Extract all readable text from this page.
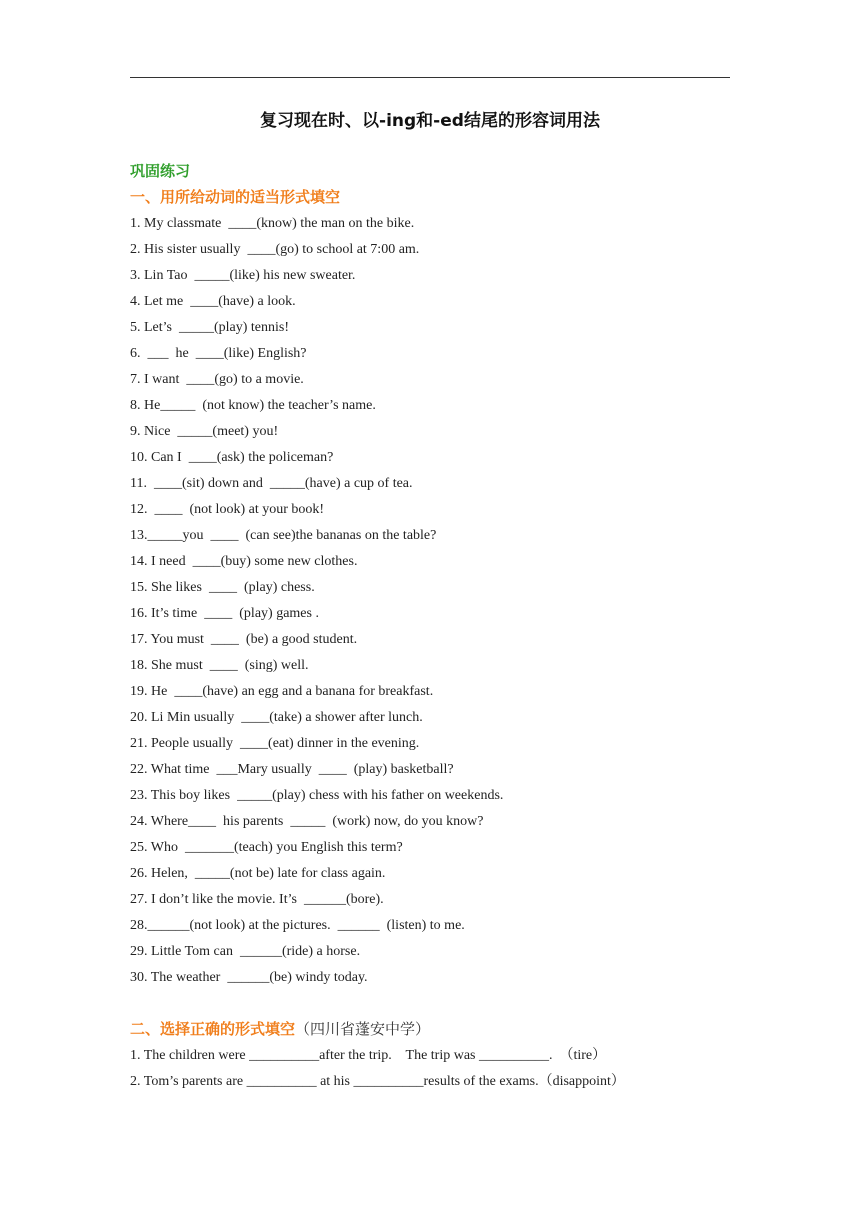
复习现在时、以-ing和-ed结尾的形容词用法
巩固练习
一、用所给动词的适当形式填空
1. My classmate  ____(know) the man on the bike.
2. His sister usually  ____(go) to school at 7:00 am.
3. Lin Tao  _____(like) his new sweater.
4. Let me  ____(have) a look.
5. Let’s  _____(play) tennis!
6.  ___  he  ____(like) English?
7. I want  ____(go) to a movie.
8. He_____  (not know) the teacher’s name.
9. Nice  _____(meet) you!
10. Can I  ____(ask) the policeman?
11.  ____(sit) down and  _____(have) a cup of tea.
12.  ____  (not look) at your book!
13._____you  ____  (can see)the bananas on the table?
14. I need  ____(buy) some new clothes.
15. She likes  ____  (play) chess.
16. It’s time  ____  (play) games .
17. You must  ____  (be) a good student.
18. She must  ____  (sing) well.
19. He  ____(have) an egg and a banana for breakfast.
20. Li Min usually  ____(take) a shower after lunch.
21. People usually  ____(eat) dinner in the evening.
22. What time  ___Mary usually  ____  (play) basketball?
23. This boy likes  _____(play) chess with his father on weekends.
24. Where____  his parents  _____  (work) now, do you know?
25. Who  _______(teach) you English this term?
26. Helen,  _____(not be) late for class again.
27. I don’t like the movie. It’s  ______(bore).
28.______(not look) at the pictures.  ______  (listen) to me.
29. Little Tom can  ______(ride) a horse.
30. The weather  ______(be) windy today.
二、选择正确的形式填空（四川省蓬安中学）
1. The children were __________after the trip.    The trip was __________.  （tire）
2. Tom’s parents are __________ at his __________results of the exams.（disappoint）
